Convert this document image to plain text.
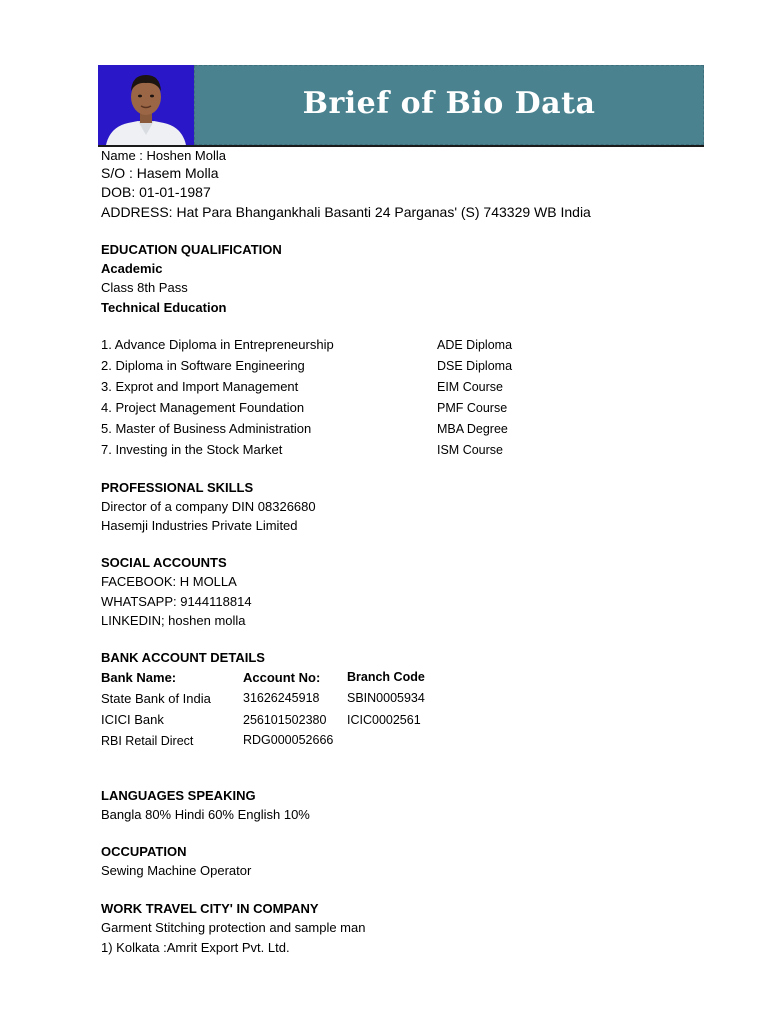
Brief of Bio Data
Name : Hoshen Molla
S/O : Hasem Molla
DOB: 01-01-1987
ADDRESS: Hat Para Bhangankhali Basanti 24 Parganas' (S) 743329 WB India
EDUCATION QUALIFICATION
Academic
Class 8th Pass
Technical Education
1. Advance Diploma in Entrepreneurship	ADE Diploma
2. Diploma in Software Engineering	DSE Diploma
3. Exprot and Import Management	EIM Course
4. Project Management Foundation	PMF Course
5. Master of Business Administration	MBA Degree
7. Investing in the Stock Market	ISM Course
PROFESSIONAL SKILLS
Director of a company DIN 08326680
Hasemji Industries Private Limited
SOCIAL ACCOUNTS
FACEBOOK: H MOLLA
WHATSAPP: 9144118814
LINKEDIN; hoshen molla
BANK ACCOUNT DETAILS
Bank Name:	Account No: Branch Code
State Bank of India	31626245918 SBIN0005934
ICICI Bank	256101502380 ICIC0002561
RBI Retail Direct	RDG000052666
LANGUAGES SPEAKING
Bangla 80% Hindi 60% English 10%
OCCUPATION
Sewing Machine Operator
WORK TRAVEL CITY' IN COMPANY
Garment Stitching protection and sample man
1) Kolkata :Amrit Export Pvt. Ltd.
